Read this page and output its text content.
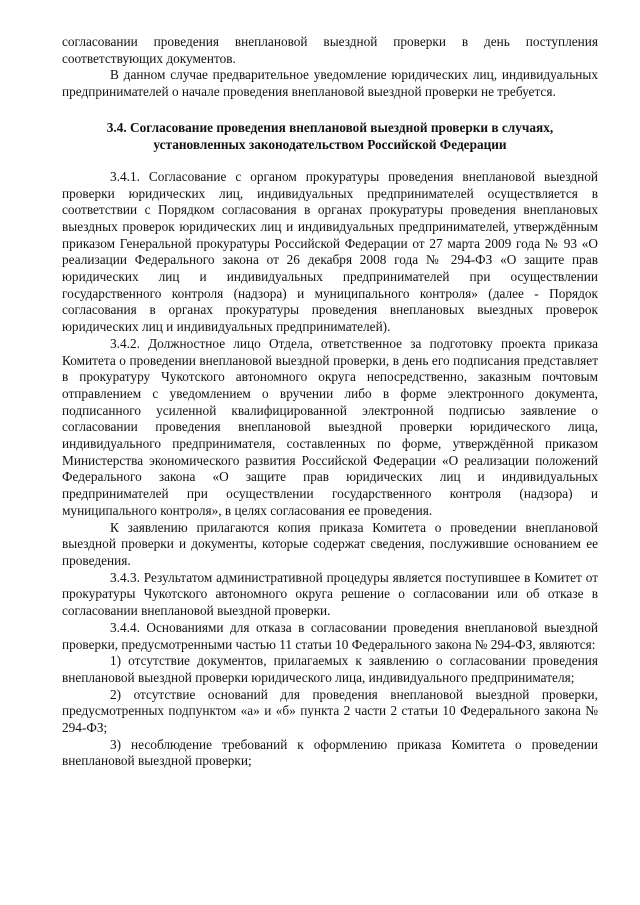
согласовании проведения внеплановой выездной проверки в день поступления соответствующих документов.

В данном случае предварительное уведомление юридических лиц, индивидуальных предпринимателей о начале проведения внеплановой выездной проверки не требуется.

3.4. Согласование проведения внеплановой выездной проверки в случаях,
установленных законодательством Российской Федерации

3.4.1. Согласование с органом прокуратуры проведения внеплановой выездной проверки юридических лиц, индивидуальных предпринимателей осуществляется в соответствии с Порядком согласования в органах прокуратуры проведения внеплановых выездных проверок юридических лиц и индивидуальных предпринимателей, утверждённым приказом Генеральной прокуратуры Российской Федерации от 27 марта 2009 года № 93 «О реализации Федерального закона от 26 декабря 2008 года № 294-ФЗ «О защите прав юридических лиц и индивидуальных предпринимателей при осуществлении государственного контроля (надзора) и муниципального контроля» (далее - Порядок согласования в органах прокуратуры проведения внеплановых выездных проверок юридических лиц и индивидуальных предпринимателей).

3.4.2. Должностное лицо Отдела, ответственное за подготовку проекта приказа Комитета о проведении внеплановой выездной проверки, в день его подписания представляет в прокуратуру Чукотского автономного округа непосредственно, заказным почтовым отправлением с уведомлением о вручении либо в форме электронного документа, подписанного усиленной квалифицированной электронной подписью заявление о согласовании проведения внеплановой выездной проверки юридического лица, индивидуального предпринимателя, составленных по форме, утверждённой приказом Министерства экономического развития Российской Федерации «О реализации положений Федерального закона «О защите прав юридических лиц и индивидуальных предпринимателей при осуществлении государственного контроля (надзора) и муниципального контроля», в целях согласования ее проведения.

К заявлению прилагаются копия приказа Комитета о проведении внеплановой выездной проверки и документы, которые содержат сведения, послужившие основанием ее проведения.

3.4.3. Результатом административной процедуры является поступившее в Комитет от прокуратуры Чукотского автономного округа решение о согласовании или об отказе в согласовании внеплановой выездной проверки.

3.4.4. Основаниями для отказа в согласовании проведения внеплановой выездной проверки, предусмотренными частью 11 статьи 10 Федерального закона № 294-ФЗ, являются:

1) отсутствие документов, прилагаемых к заявлению о согласовании проведения внеплановой выездной проверки юридического лица, индивидуального предпринимателя;

2) отсутствие оснований для проведения внеплановой выездной проверки, предусмотренных подпунктом «а» и «б» пункта 2 части 2 статьи 10 Федерального закона № 294-ФЗ;

3) несоблюдение требований к оформлению приказа Комитета о проведении внеплановой выездной проверки;
